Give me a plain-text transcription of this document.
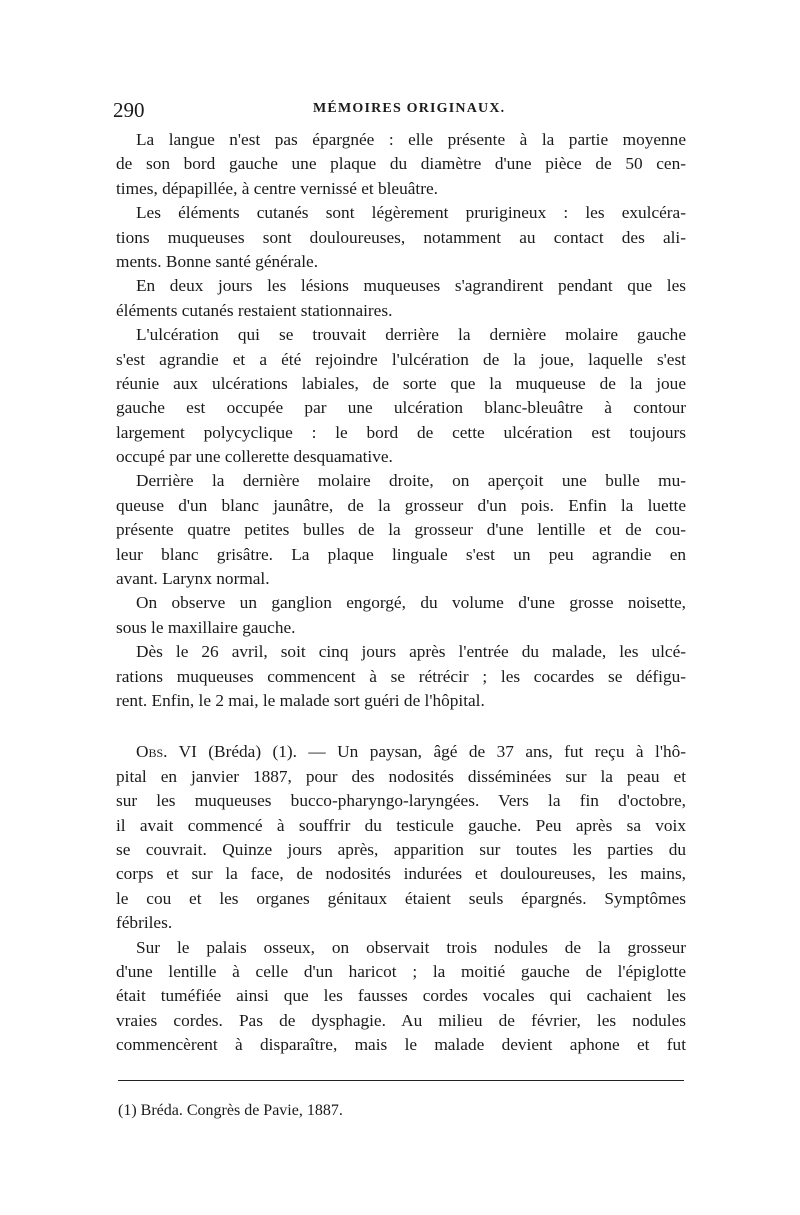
290	MÉMOIRES ORIGINAUX.
La langue n'est pas épargnée : elle présente à la partie moyenne
de son bord gauche une plaque du diamètre d'une pièce de 50 cen-
times, dépapillée, à centre vernissé et bleuâtre.
Les éléments cutanés sont légèrement prurigineux : les exulcéra-
tions muqueuses sont douloureuses, notamment au contact des ali-
ments. Bonne santé générale.
En deux jours les lésions muqueuses s'agrandirent pendant que les
éléments cutanés restaient stationnaires.
L'ulcération qui se trouvait derrière la dernière molaire gauche
s'est agrandie et a été rejoindre l'ulcération de la joue, laquelle s'est
réunie aux ulcérations labiales, de sorte que la muqueuse de la joue
gauche est occupée par une ulcération blanc-bleuâtre à contour
largement polycyclique : le bord de cette ulcération est toujours
occupé par une collerette desquamative.
Derrière la dernière molaire droite, on aperçoit une bulle mu-
queuse d'un blanc jaunâtre, de la grosseur d'un pois. Enfin la luette
présente quatre petites bulles de la grosseur d'une lentille et de cou-
leur blanc grisâtre. La plaque linguale s'est un peu agrandie en
avant. Larynx normal.
On observe un ganglion engorgé, du volume d'une grosse noisette,
sous le maxillaire gauche.
Dès le 26 avril, soit cinq jours après l'entrée du malade, les ulcé-
rations muqueuses commencent à se rétrécir ; les cocardes se défigu-
rent. Enfin, le 2 mai, le malade sort guéri de l'hôpital.
Obs. VI (Bréda) (1). — Un paysan, âgé de 37 ans, fut reçu à l'hô-
pital en janvier 1887, pour des nodosités disséminées sur la peau et
sur les muqueuses bucco-pharyngo-laryngées. Vers la fin d'octobre,
il avait commencé à souffrir du testicule gauche. Peu après sa voix
se couvrait. Quinze jours après, apparition sur toutes les parties du
corps et sur la face, de nodosités indurées et douloureuses, les mains,
le cou et les organes génitaux étaient seuls épargnés. Symptômes
fébriles.
Sur le palais osseux, on observait trois nodules de la grosseur
d'une lentille à celle d'un haricot ; la moitié gauche de l'épiglotte
était tuméfiée ainsi que les fausses cordes vocales qui cachaient les
vraies cordes. Pas de dysphagie. Au milieu de février, les nodules
commencèrent à disparaître, mais le malade devient aphone et fut
(1) Bréda. Congrès de Pavie, 1887.
